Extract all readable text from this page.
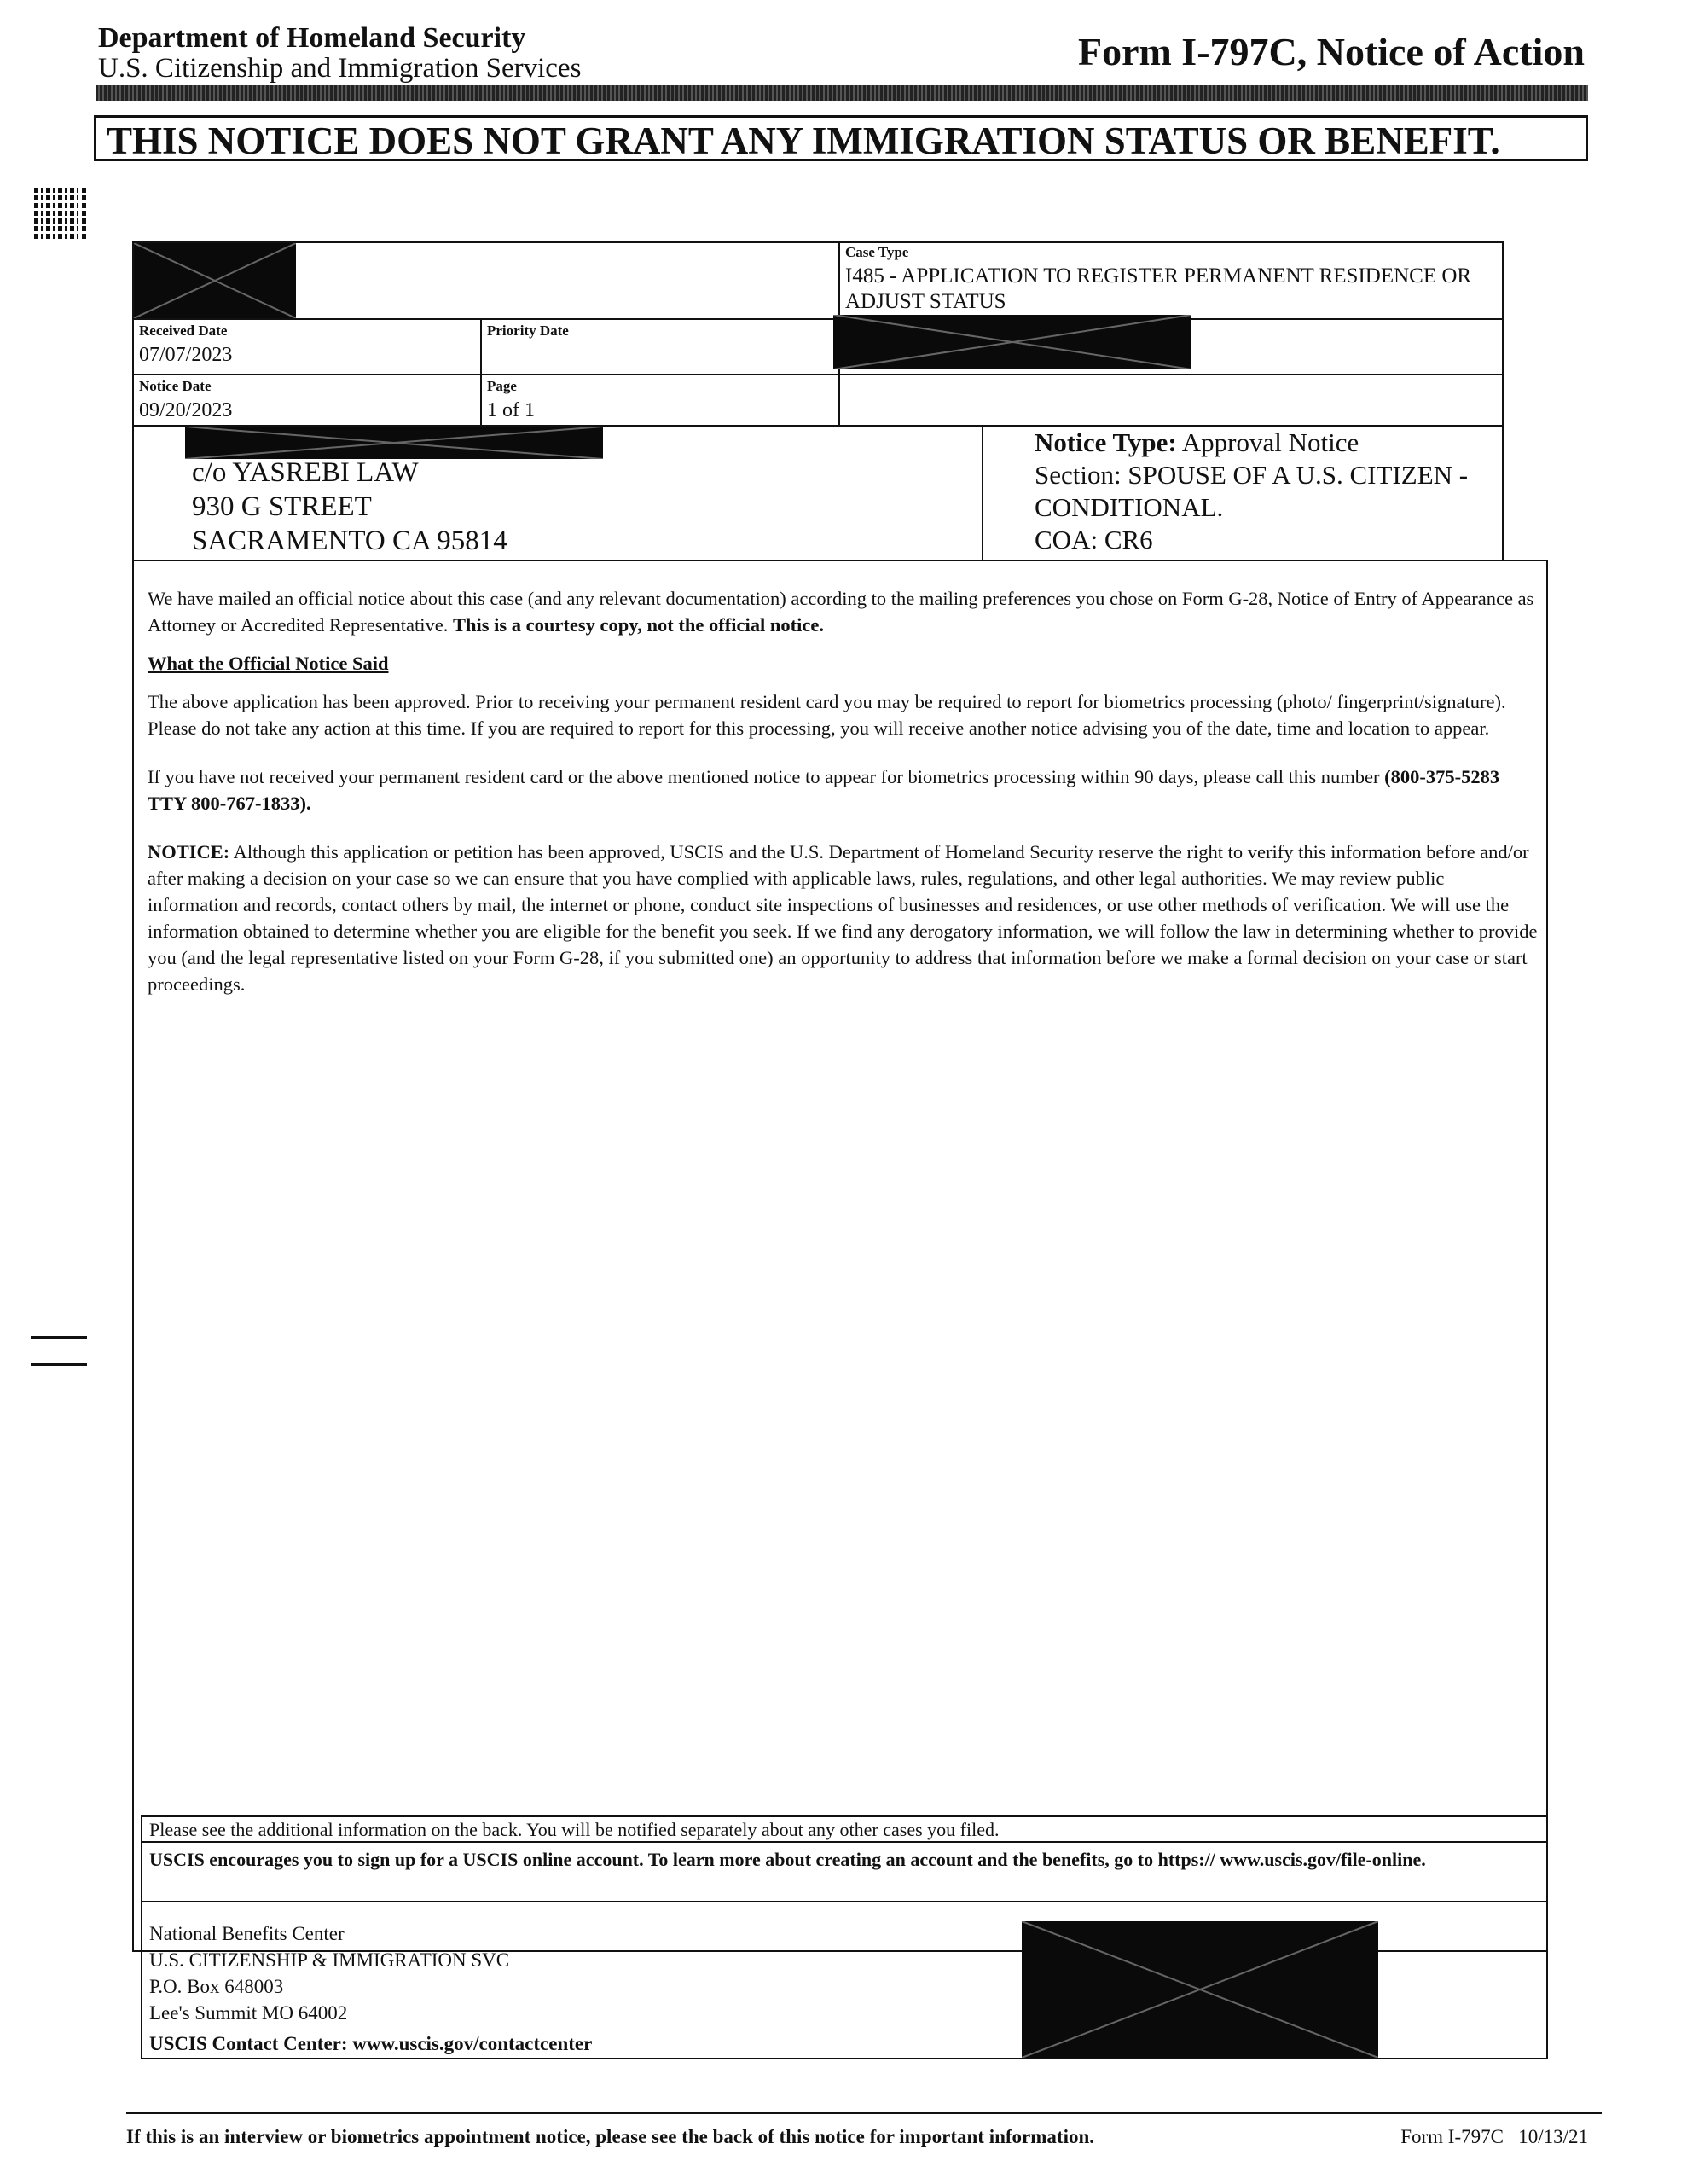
Department of Homeland Security
U.S. Citizenship and Immigration Services	Form I-797C, Notice of Action
THIS NOTICE DOES NOT GRANT ANY IMMIGRATION STATUS OR BENEFIT.
Case Type
I485 - APPLICATION TO REGISTER PERMANENT RESIDENCE OR ADJUST STATUS
Received Date
07/07/2023
Priority Date
Notice Date
09/20/2023
Page
1 of 1
c/o YASREBI LAW
930 G STREET
SACRAMENTO CA 95814
Notice Type: Approval Notice
Section: SPOUSE OF A U.S. CITIZEN -
CONDITIONAL.
COA: CR6

We have mailed an official notice about this case (and any relevant documentation) according to the mailing preferences you chose on Form G-28, Notice of Entry of Appearance as Attorney or Accredited Representative. This is a courtesy copy, not the official notice.

What the Official Notice Said

The above application has been approved. Prior to receiving your permanent resident card you may be required to report for biometrics processing (photo/ fingerprint/signature). Please do not take any action at this time. If you are required to report for this processing, you will receive another notice advising you of the date, time and location to appear.

If you have not received your permanent resident card or the above mentioned notice to appear for biometrics processing within 90 days, please call this number (800-375-5283 TTY 800-767-1833).

NOTICE: Although this application or petition has been approved, USCIS and the U.S. Department of Homeland Security reserve the right to verify this information before and/or after making a decision on your case so we can ensure that you have complied with applicable laws, rules, regulations, and other legal authorities. We may review public information and records, contact others by mail, the internet or phone, conduct site inspections of businesses and residences, or use other methods of verification. We will use the information obtained to determine whether you are eligible for the benefit you seek. If we find any derogatory information, we will follow the law in determining whether to provide you (and the legal representative listed on your Form G-28, if you submitted one) an opportunity to address that information before we make a formal decision on your case or start proceedings.

Please see the additional information on the back. You will be notified separately about any other cases you filed.
USCIS encourages you to sign up for a USCIS online account. To learn more about creating an account and the benefits, go to https:// www.uscis.gov/file-online.
National Benefits Center
U.S. CITIZENSHIP & IMMIGRATION SVC
P.O. Box 648003
Lee's Summit MO 64002
USCIS Contact Center: www.uscis.gov/contactcenter
If this is an interview or biometrics appointment notice, please see the back of this notice for important information.	Form I-797C   10/13/21
